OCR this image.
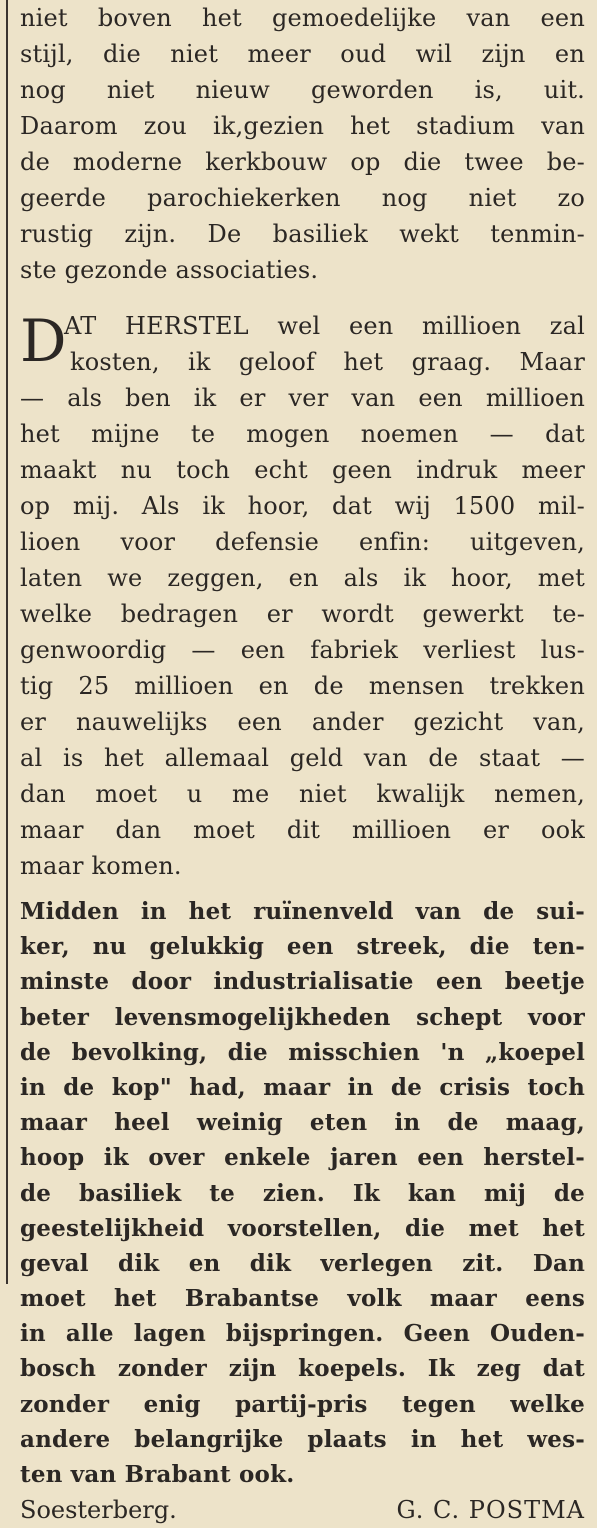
niet boven het gemoedelijke van een
stijl, die niet meer oud wil zijn en
nog niet nieuw geworden is, uit.
Daarom zou ik,gezien het stadium van
de moderne kerkbouw op die twee be-
geerde parochiekerken nog niet zo
rustig zijn. De basiliek wekt tenmin-
ste gezonde associaties.
D
AT HERSTEL wel een millioen zal
kosten, ik geloof het graag. Maar
— als ben ik er ver van een millioen
het mijne te mogen noemen — dat
maakt nu toch echt geen indruk meer
op mij. Als ik hoor, dat wij 1500 mil-
lioen voor defensie enfin: uitgeven,
laten we zeggen, en als ik hoor, met
welke bedragen er wordt gewerkt te-
genwoordig — een fabriek verliest lus-
tig 25 millioen en de mensen trekken
er nauwelijks een ander gezicht van,
al is het allemaal geld van de staat —
dan moet u me niet kwalijk nemen,
maar dan moet dit millioen er ook
maar komen.
Midden in het ruïnenveld van de sui-
ker, nu gelukkig een streek, die ten-
minste door industrialisatie een beetje
beter levensmogelijkheden schept voor
de bevolking, die misschien 'n „koepel
in de kop" had, maar in de crisis toch
maar heel weinig eten in de maag,
hoop ik over enkele jaren een herstel-
de basiliek te zien. Ik kan mij de
geestelijkheid voorstellen, die met het
geval dik en dik verlegen zit. Dan
moet het Brabantse volk maar eens
in alle lagen bijspringen. Geen Ouden-
bosch zonder zijn koepels. Ik zeg dat
zonder enig partij-pris tegen welke
andere belangrijke plaats in het wes-
ten van Brabant ook.
Soesterberg.	G. C. POSTMA
